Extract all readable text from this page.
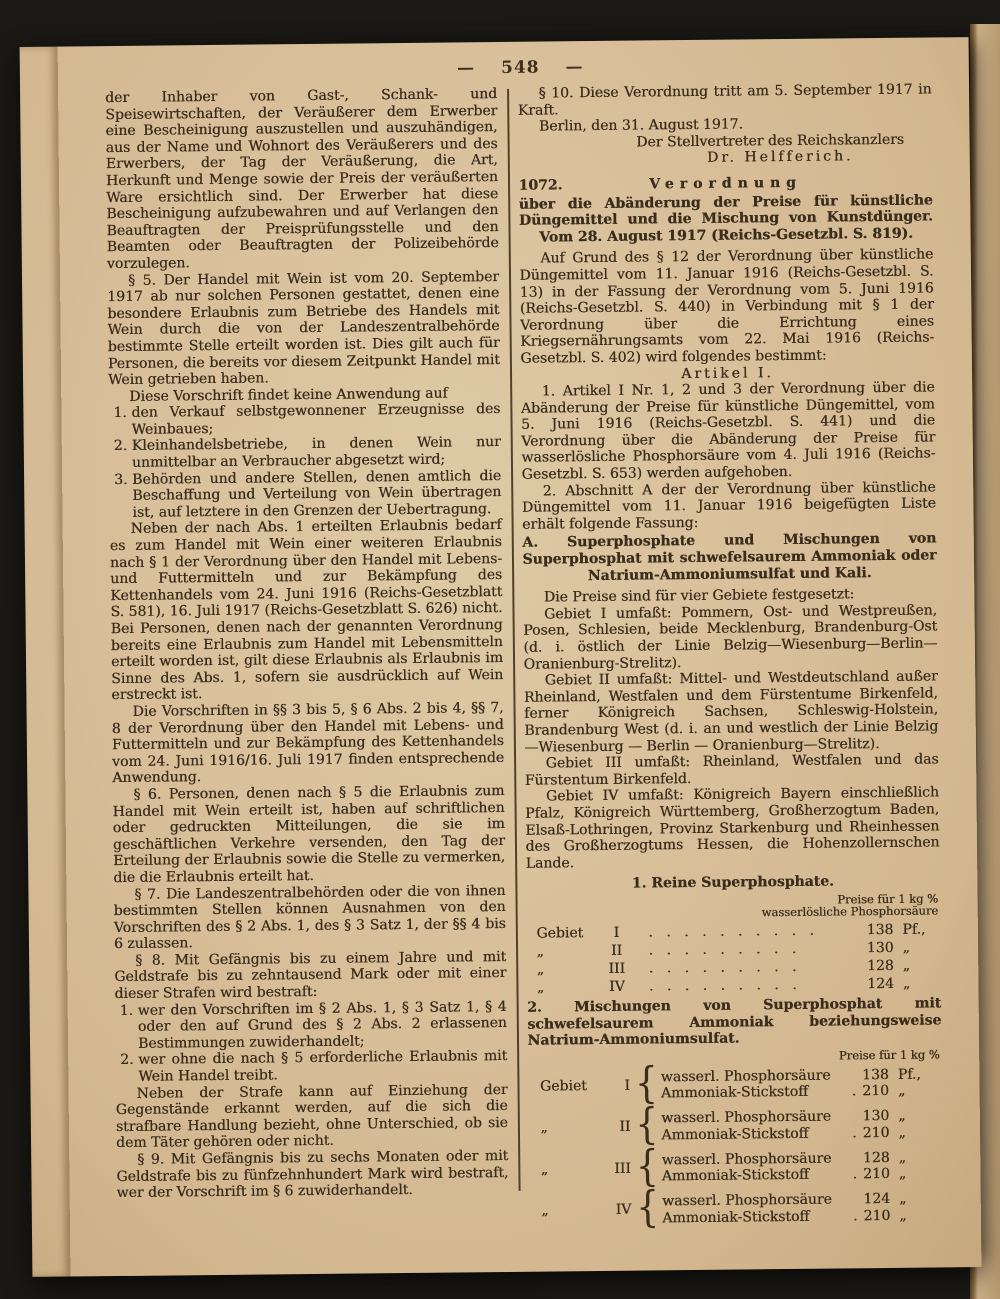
— 548 —
der Inhaber von Gast-, Schank- und Speisewirtschaften, der Veräußerer dem Erwerber eine Bescheinigung auszustellen und auszuhändigen, aus der Name und Wohnort des Veräußerers und des Erwerbers, der Tag der Veräußerung, die Art, Herkunft und Menge sowie der Preis der veräußerten Ware ersichtlich sind. Der Erwerber hat diese Bescheinigung aufzubewahren und auf Verlangen den Beauftragten der Preisprüfungsstelle und den Beamten oder Beauftragten der Polizeibehörde vorzulegen.
§ 5. Der Handel mit Wein ist vom 20. September 1917 ab nur solchen Personen gestattet, denen eine besondere Erlaubnis zum Betriebe des Handels mit Wein durch die von der Landeszentralbehörde bestimmte Stelle erteilt worden ist. Dies gilt auch für Personen, die bereits vor diesem Zeitpunkt Handel mit Wein getrieben haben.
Diese Vorschrift findet keine Anwendung auf
1. den Verkauf selbstgewonnener Erzeugnisse des Weinbaues;
2. Kleinhandelsbetriebe, in denen Wein nur unmittelbar an Verbraucher abgesetzt wird;
3. Behörden und andere Stellen, denen amtlich die Beschaffung und Verteilung von Wein übertragen ist, auf letztere in den Grenzen der Uebertragung.
Neben der nach Abs. 1 erteilten Erlaubnis bedarf es zum Handel mit Wein einer weiteren Erlaubnis nach § 1 der Verordnung über den Handel mit Lebens- und Futtermitteln und zur Bekämpfung des Kettenhandels vom 24. Juni 1916 (Reichs-Gesetzblatt S. 581), 16. Juli 1917 (Reichs-Gesetzblatt S. 626) nicht. Bei Personen, denen nach der genannten Verordnung bereits eine Erlaubnis zum Handel mit Lebensmitteln erteilt worden ist, gilt diese Erlaubnis als Erlaubnis im Sinne des Abs. 1, sofern sie ausdrücklich auf Wein erstreckt ist.
Die Vorschriften in §§ 3 bis 5, § 6 Abs. 2 bis 4, §§ 7, 8 der Verordnung über den Handel mit Lebens- und Futtermitteln und zur Bekämpfung des Kettenhandels vom 24. Juni 1916/16. Juli 1917 finden entsprechende Anwendung.
§ 6. Personen, denen nach § 5 die Erlaubnis zum Handel mit Wein erteilt ist, haben auf schriftlichen oder gedruckten Mitteilungen, die sie im geschäftlichen Verkehre versenden, den Tag der Erteilung der Erlaubnis sowie die Stelle zu vermerken, die die Erlaubnis erteilt hat.
§ 7. Die Landeszentralbehörden oder die von ihnen bestimmten Stellen können Ausnahmen von den Vorschriften des § 2 Abs. 1, des § 3 Satz 1, der §§ 4 bis 6 zulassen.
§ 8. Mit Gefängnis bis zu einem Jahre und mit Geldstrafe bis zu zehntausend Mark oder mit einer dieser Strafen wird bestraft:
1. wer den Vorschriften im § 2 Abs. 1, § 3 Satz 1, § 4 oder den auf Grund des § 2 Abs. 2 erlassenen Bestimmungen zuwiderhandelt;
2. wer ohne die nach § 5 erforderliche Erlaubnis mit Wein Handel treibt.
Neben der Strafe kann auf Einziehung der Gegenstände erkannt werden, auf die sich die strafbare Handlung bezieht, ohne Unterschied, ob sie dem Täter gehören oder nicht.
§ 9. Mit Gefängnis bis zu sechs Monaten oder mit Geldstrafe bis zu fünfzehnhundert Mark wird bestraft, wer der Vorschrift im § 6 zuwiderhandelt.
§ 10. Diese Verordnung tritt am 5. September 1917 in Kraft.
Berlin, den 31. August 1917.
Der Stellvertreter des Reichskanzlers
Dr. Helfferich.
1072.	Verordnung
über die Abänderung der Preise für künstliche Düngemittel und die Mischung von Kunstdünger. Vom 28. August 1917 (Reichs-Gesetzbl. S. 819).
Auf Grund des § 12 der Verordnung über künstliche Düngemittel vom 11. Januar 1916 (Reichs-Gesetzbl. S. 13) in der Fassung der Verordnung vom 5. Juni 1916 (Reichs-Gesetzbl. S. 440) in Verbindung mit § 1 der Verordnung über die Errichtung eines Kriegsernährungsamts vom 22. Mai 1916 (Reichs-Gesetzbl. S. 402) wird folgendes bestimmt:
Artikel I.
1. Artikel I Nr. 1, 2 und 3 der Verordnung über die Abänderung der Preise für künstliche Düngemittel, vom 5. Juni 1916 (Reichs-Gesetzbl. S. 441) und die Verordnung über die Abänderung der Preise für wasserlösliche Phosphorsäure vom 4. Juli 1916 (Reichs-Gesetzbl. S. 653) werden aufgehoben.
2. Abschnitt A der der Verordnung über künstliche Düngemittel vom 11. Januar 1916 beigefügten Liste erhält folgende Fassung:
A. Superphosphate und Mischungen von Superphosphat mit schwefelsaurem Ammoniak oder Natrium-Ammoniumsulfat und Kali.
Die Preise sind für vier Gebiete festgesetzt:
Gebiet I umfaßt: Pommern, Ost- und Westpreußen, Posen, Schlesien, beide Mecklenburg, Brandenburg-Ost (d. i. östlich der Linie Belzig—Wiesenburg—Berlin—Oranienburg-Strelitz).
Gebiet II umfaßt: Mittel- und Westdeutschland außer Rheinland, Westfalen und dem Fürstentume Birkenfeld, ferner Königreich Sachsen, Schleswig-Holstein, Brandenburg West (d. i. an und westlich der Linie Belzig—Wiesenburg — Berlin — Oranienburg—Strelitz).
Gebiet III umfaßt: Rheinland, Westfalen und das Fürstentum Birkenfeld.
Gebiet IV umfaßt: Königreich Bayern einschließlich Pfalz, Königreich Württemberg, Großherzogtum Baden, Elsaß-Lothringen, Provinz Starkenburg und Rheinhessen des Großherzogtums Hessen, die Hohenzollernschen Lande.
1. Reine Superphosphate.
Preise für 1 kg %
wasserlösliche Phosphorsäure
Gebiet	I	. . . . . . . . . .	138 Pf.,
„	II	. . . . . . . . .	130 „
„	III	. . . . . . . . .	128 „
„	IV	. . . . . . . . .	124 „
2. Mischungen von Superphosphat mit schwefelsaurem Ammoniak beziehungsweise Natrium-Ammoniumsulfat.
Preise für 1 kg %
Gebiet	I { wasserl. Phosphorsäure	138 Pf.,
Ammoniak-Stickstoff	. 210 „
„	II { wasserl. Phosphorsäure	130 „
Ammoniak-Stickstoff	. 210 „
„	III { wasserl. Phosphorsäure	128 „
Ammoniak-Stickstoff	. 210 „
„	IV { wasserl. Phosphorsäure	124 „
Ammoniak-Stickstoff	. 210 „
